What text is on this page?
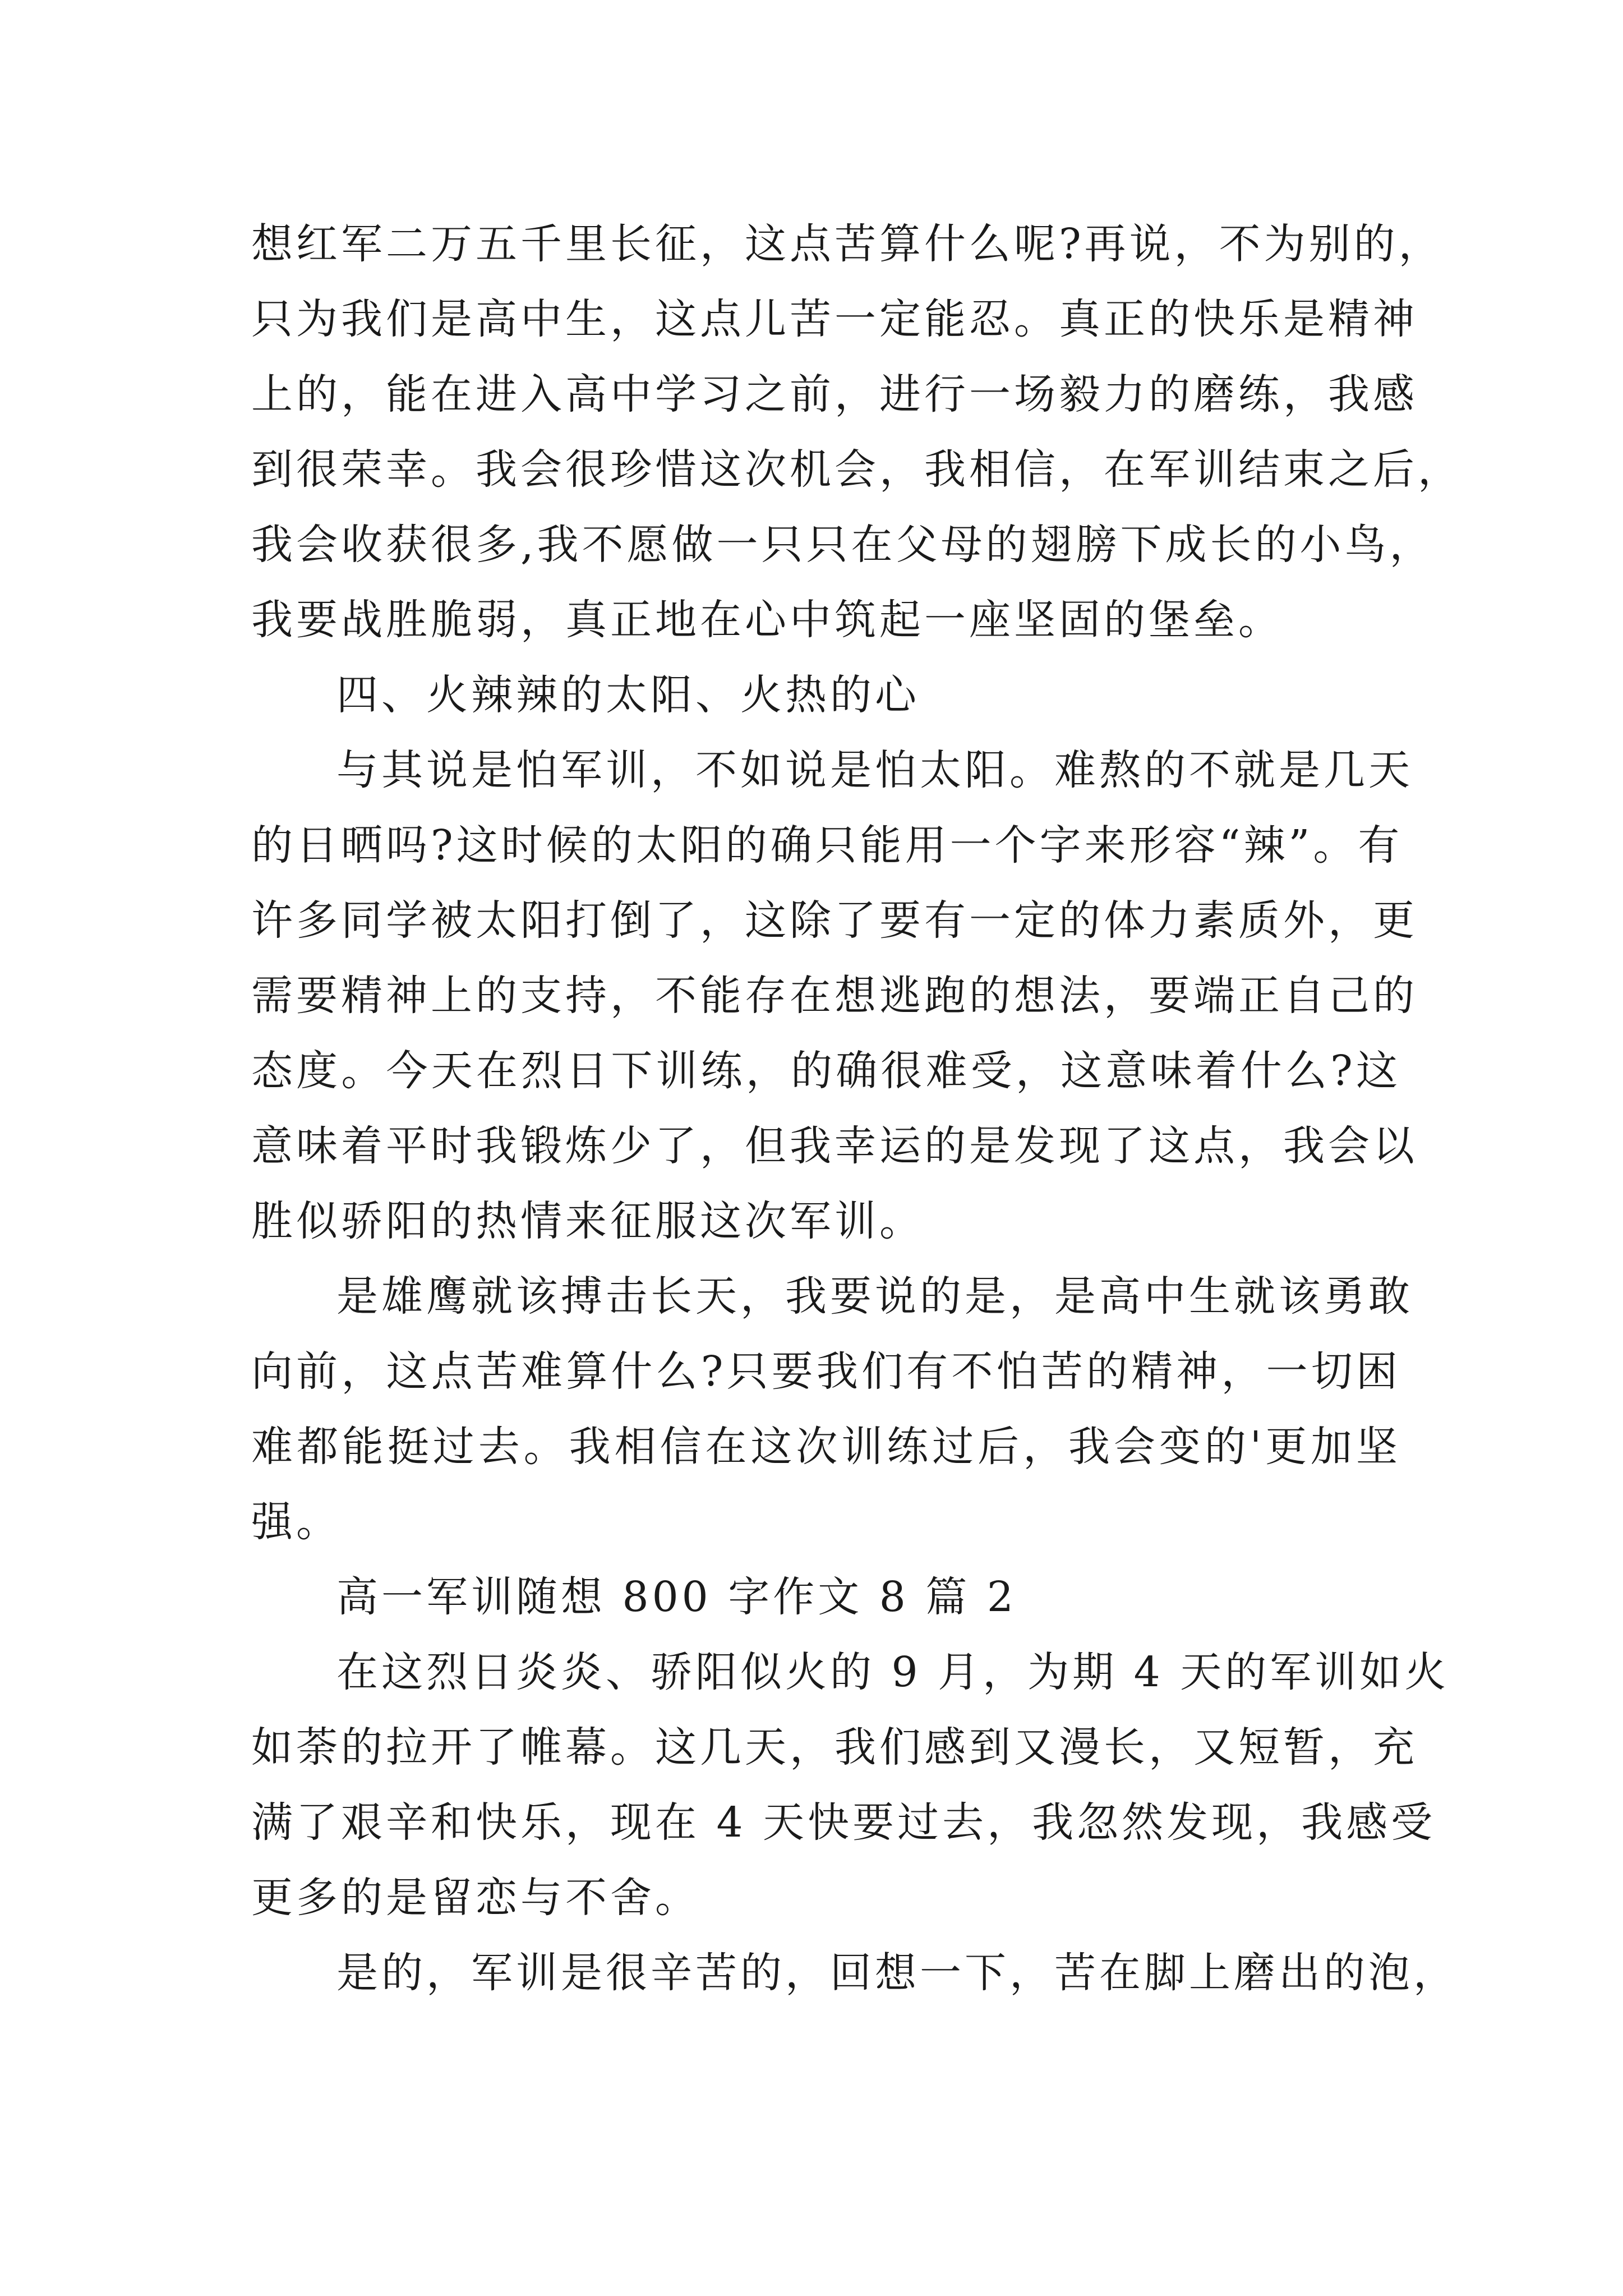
想红军二万五千里长征，这点苦算什么呢?再说，不为别的，
只为我们是高中生，这点儿苦一定能忍。真正的快乐是精神
上的，能在进入高中学习之前，进行一场毅力的磨练，我感
到很荣幸。我会很珍惜这次机会，我相信，在军训结束之后，
我会收获很多,我不愿做一只只在父母的翅膀下成长的小鸟，
我要战胜脆弱，真正地在心中筑起一座坚固的堡垒。
四、火辣辣的太阳、火热的心
与其说是怕军训，不如说是怕太阳。难熬的不就是几天
的日晒吗?这时候的太阳的确只能用一个字来形容“辣”。有
许多同学被太阳打倒了，这除了要有一定的体力素质外，更
需要精神上的支持，不能存在想逃跑的想法，要端正自己的
态度。今天在烈日下训练，的确很难受，这意味着什么?这
意味着平时我锻炼少了，但我幸运的是发现了这点，我会以
胜似骄阳的热情来征服这次军训。
是雄鹰就该搏击长天，我要说的是，是高中生就该勇敢
向前，这点苦难算什么?只要我们有不怕苦的精神，一切困
难都能挺过去。我相信在这次训练过后，我会变的'更加坚
强。
高一军训随想 800 字作文 8 篇 2
在这烈日炎炎、骄阳似火的 9 月，为期 4 天的军训如火
如荼的拉开了帷幕。这几天，我们感到又漫长，又短暂，充
满了艰辛和快乐，现在 4 天快要过去，我忽然发现，我感受
更多的是留恋与不舍。
是的，军训是很辛苦的，回想一下，苦在脚上磨出的泡，
